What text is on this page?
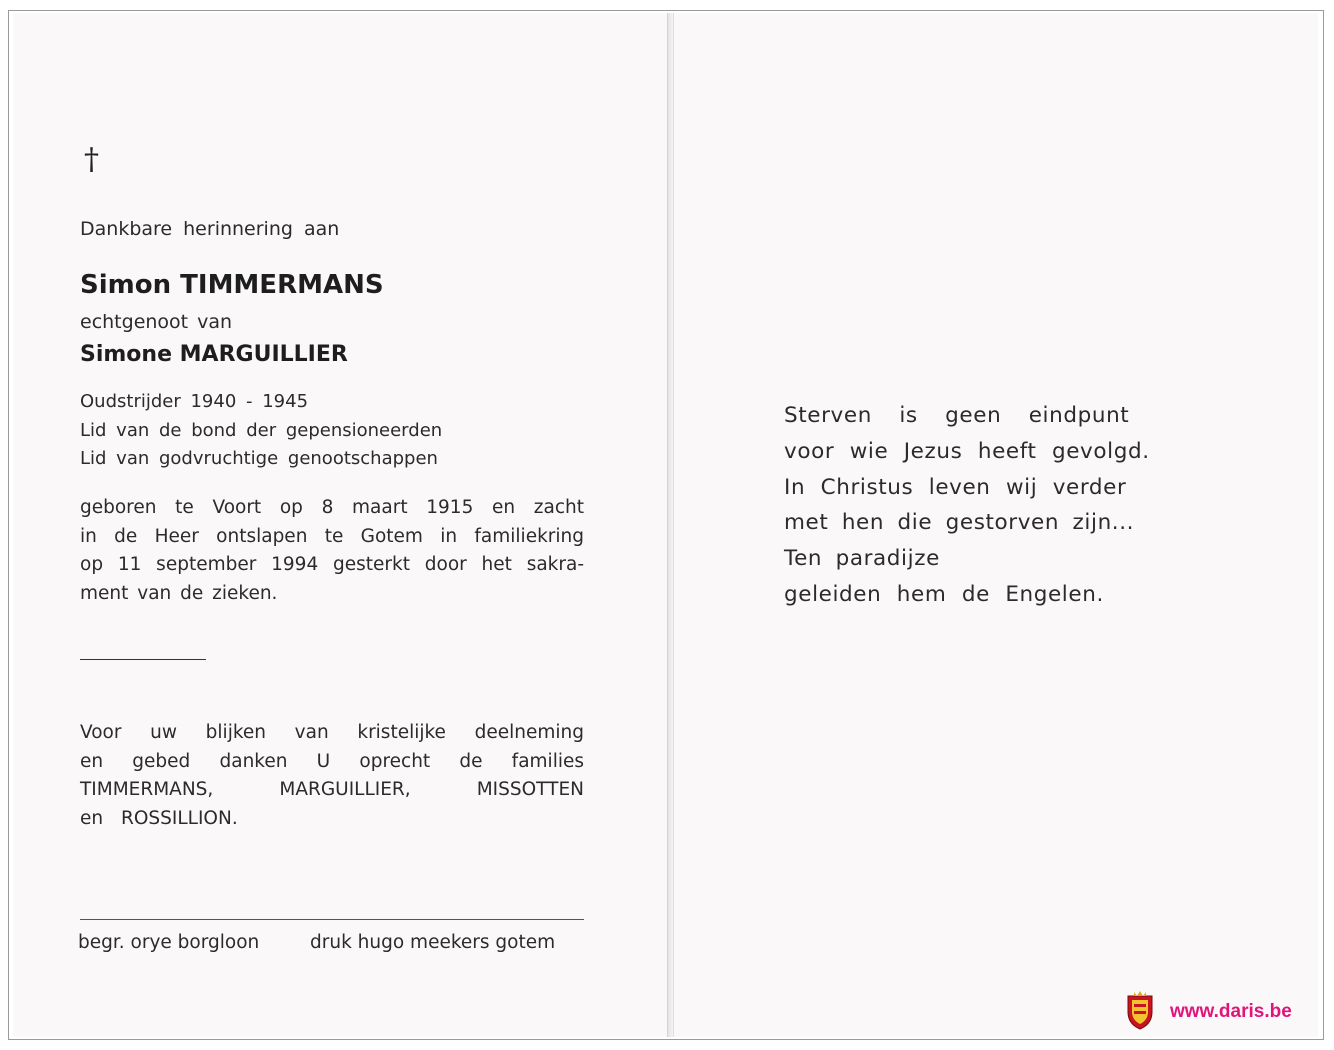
†
Dankbare herinnering aan
Simon TIMMERMANS
echtgenoot van
Simone MARGUILLIER
Oudstrijder 1940 - 1945
Lid van de bond der gepensioneerden
Lid van godvruchtige genootschappen
geboren te Voort op 8 maart 1915 en zacht
in de Heer ontslapen te Gotem in familiekring
op 11 september 1994 gesterkt door het sakra-
ment van de zieken.
Voor uw blijken van kristelijke deelneming
en gebed danken U oprecht de families
TIMMERMANS, MARGUILLIER, MISSOTTEN
en ROSSILLION.
begr. orye borgloon	druk hugo meekers gotem
Sterven is geen eindpunt
voor wie Jezus heeft gevolgd.
In Christus leven wij verder
met hen die gestorven zijn...
Ten paradijze
geleiden hem de Engelen.
www.daris.be
